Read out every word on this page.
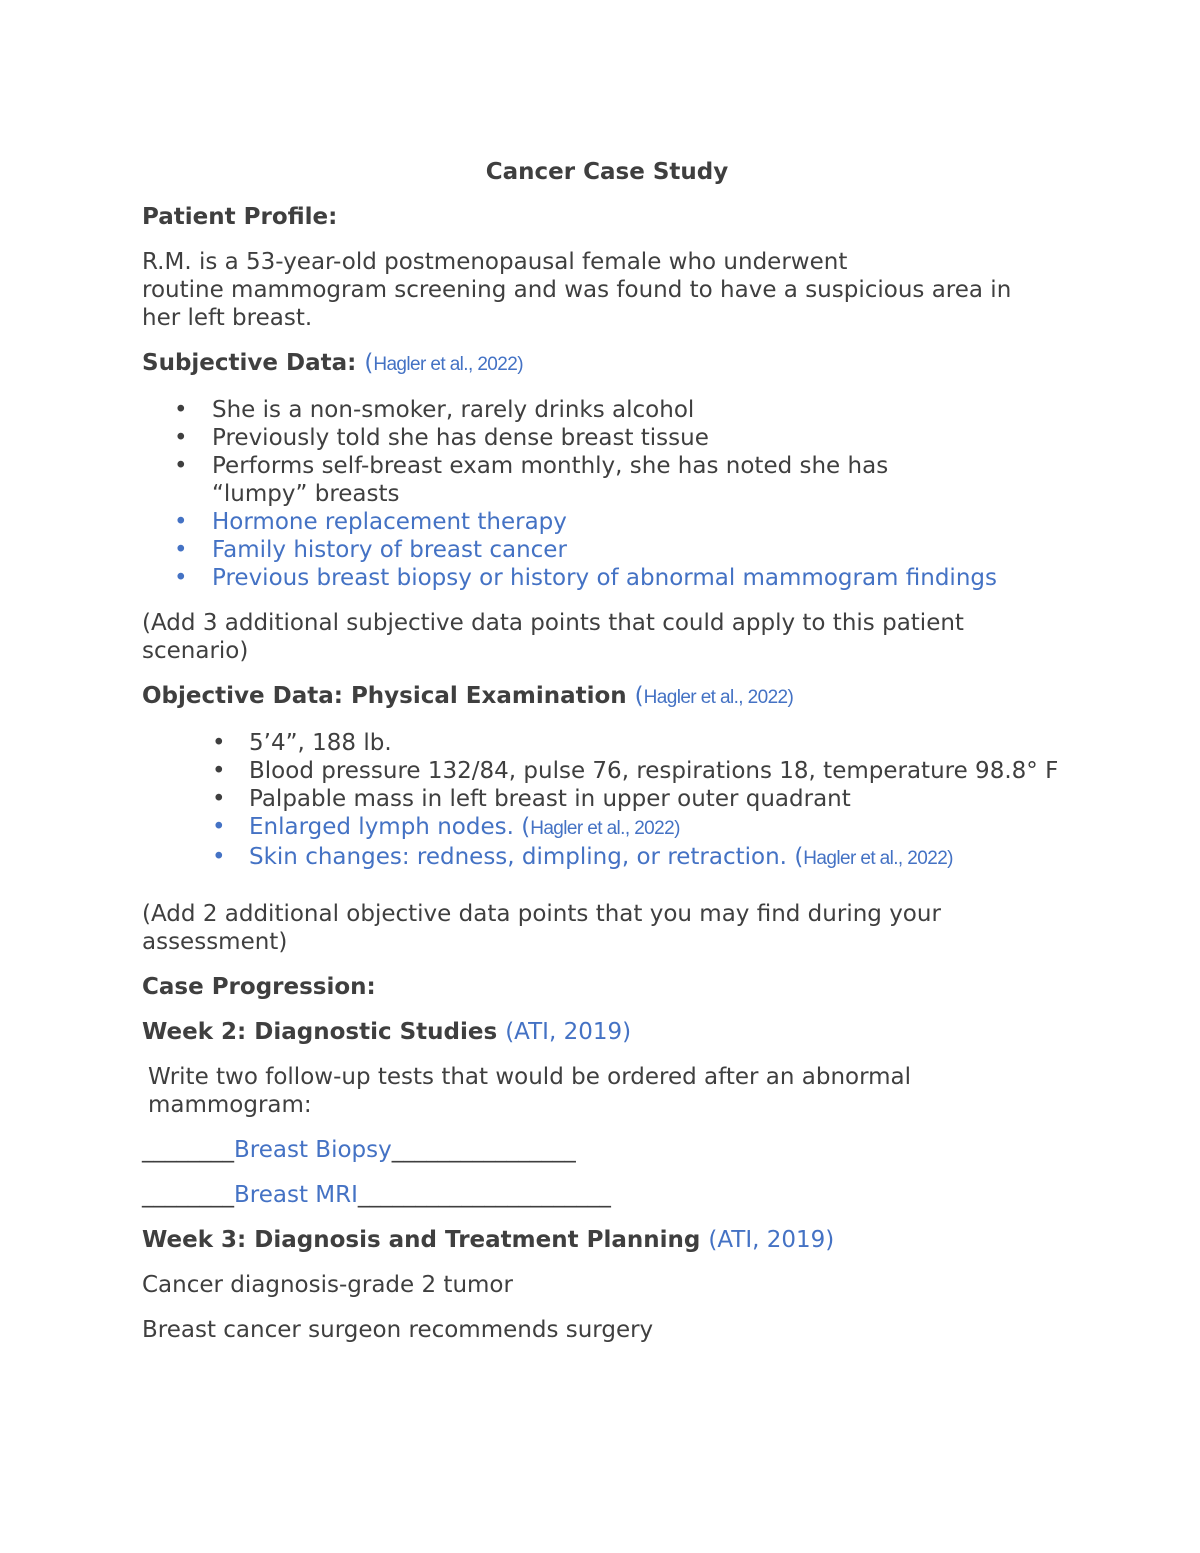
Cancer Case Study
Patient Profile:
R.M. is a 53-year-old postmenopausal female who underwent
routine mammogram screening and was found to have a suspicious area in her left breast.
Subjective Data: (Hagler et al., 2022)
• She is a non-smoker, rarely drinks alcohol
• Previously told she has dense breast tissue
• Performs self-breast exam monthly, she has noted she has “lumpy” breasts
• Hormone replacement therapy
• Family history of breast cancer
• Previous breast biopsy or history of abnormal mammogram findings
(Add 3 additional subjective data points that could apply to this patient scenario)
Objective Data: Physical Examination (Hagler et al., 2022)
• 5’4”, 188 lb.
• Blood pressure 132/84, pulse 76, respirations 18, temperature 98.8° F
• Palpable mass in left breast in upper outer quadrant
• Enlarged lymph nodes. (Hagler et al., 2022)
• Skin changes: redness, dimpling, or retraction. (Hagler et al., 2022)
(Add 2 additional objective data points that you may find during your assessment)
Case Progression:
Week 2: Diagnostic Studies (ATI, 2019)
Write two follow-up tests that would be ordered after an abnormal mammogram:
________Breast Biopsy________________
________Breast MRI______________________
Week 3: Diagnosis and Treatment Planning (ATI, 2019)
Cancer diagnosis-grade 2 tumor
Breast cancer surgeon recommends surgery
